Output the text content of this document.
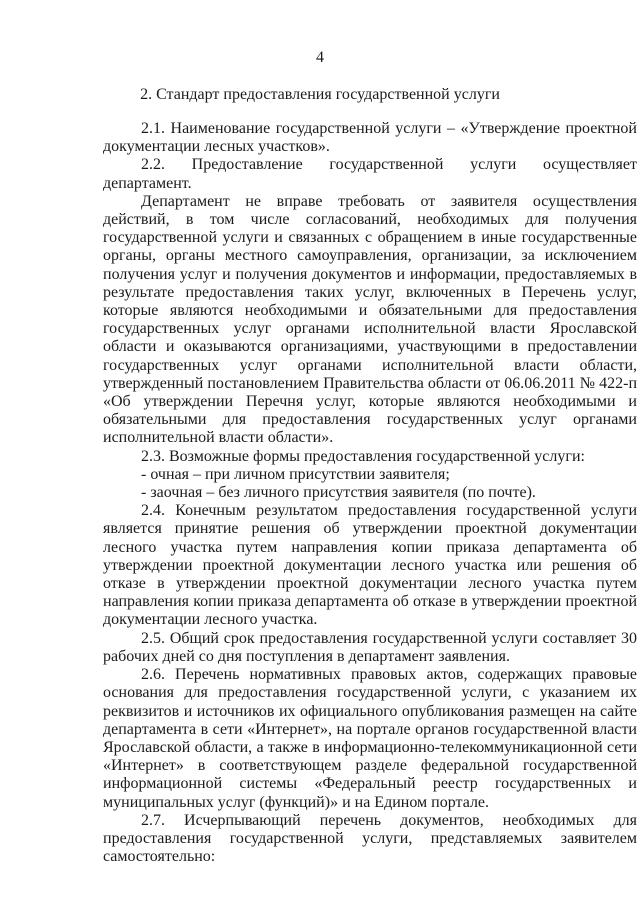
4
2. Стандарт предоставления государственной услуги

2.1. Наименование государственной услуги – «Утверждение проектной документации лесных участков».

2.2. Предоставление государственной услуги осуществляет департамент.

Департамент не вправе требовать от заявителя осуществления действий, в том числе согласований, необходимых для получения государственной услуги и связанных с обращением в иные государственные органы, органы местного самоуправления, организации, за исключением получения услуг и получения документов и информации, предоставляемых в результате предоставления таких услуг, включенных в Перечень услуг, которые являются необходимыми и обязательными для предоставления государственных услуг органами исполнительной власти Ярославской области и оказываются организациями, участвующими в предоставлении государственных услуг органами исполнительной власти области, утвержденный постановлением Правительства области от 06.06.2011 № 422-п «Об утверждении Перечня услуг, которые являются необходимыми и обязательными для предоставления государственных услуг органами исполнительной власти области».

2.3. Возможные формы предоставления государственной услуги:

- очная – при личном присутствии заявителя;

- заочная – без личного присутствия заявителя (по почте).

2.4. Конечным результатом предоставления государственной услуги является принятие решения об утверждении проектной документации лесного участка путем направления копии приказа департамента об утверждении проектной документации лесного участка или решения об отказе в утверждении проектной документации лесного участка путем направления копии приказа департамента об отказе в утверждении проектной документации лесного участка.

2.5. Общий срок предоставления государственной услуги составляет 30 рабочих дней со дня поступления в департамент заявления.

2.6. Перечень нормативных правовых актов, содержащих правовые основания для предоставления государственной услуги, с указанием их реквизитов и источников их официального опубликования размещен на сайте департамента в сети «Интернет», на портале органов государственной власти Ярославской области, а также в информационно-телекоммуникационной сети «Интернет» в соответствующем разделе федеральной государственной информационной системы «Федеральный реестр государственных и муниципальных услуг (функций)» и на Едином портале.

2.7. Исчерпывающий перечень документов, необходимых для предоставления государственной услуги, представляемых заявителем самостоятельно:
